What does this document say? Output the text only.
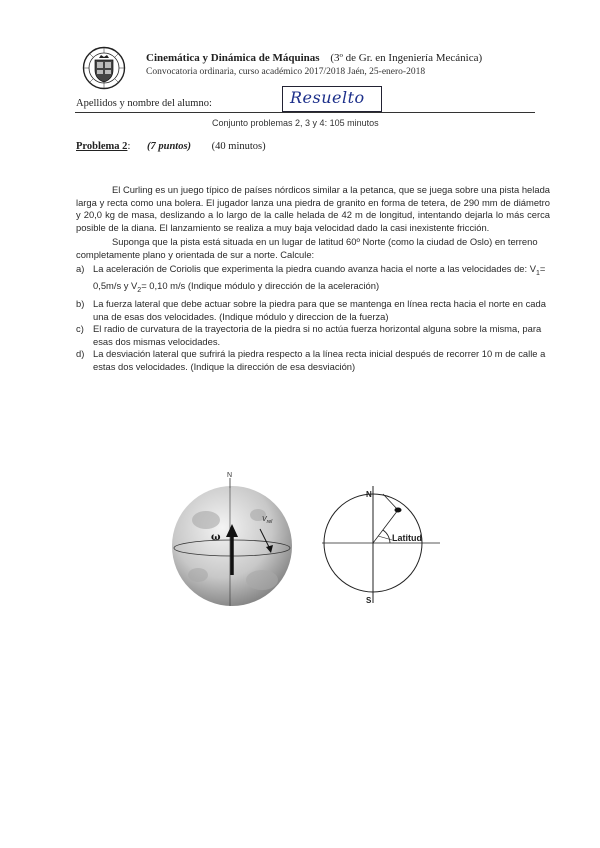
Cinemática y Dinámica de Máquinas (3º de Gr. en Ingeniería Mecánica)
Convocatoria ordinaria, curso académico 2017/2018 Jaén, 25-enero-2018
Apellidos y nombre del alumno:	Resuelto
Conjunto problemas 2, 3 y 4: 105 minutos
Problema 2: (7 puntos) (40 minutos)
El Curling es un juego típico de países nórdicos similar a la petanca, que se juega sobre una pista helada larga y recta como una bolera. El jugador lanza una piedra de granito en forma de tetera, de 290 mm de diámetro y 20,0 kg de masa, deslizando a lo largo de la calle helada de 42 m de longitud, intentando dejarla lo más cerca posible de la diana. El lanzamiento se realiza a muy baja velocidad dado la casi inexistente fricción.
Suponga que la pista está situada en un lugar de latitud 60º Norte (como la ciudad de Oslo) en terreno completamente plano y orientada de sur a norte. Calcule:
a) La aceleración de Coriolis que experimenta la piedra cuando avanza hacia el norte a las velocidades de: $V_1= 0,5m/s$ y $V_2= 0,10$ m/s (Indique módulo y dirección de la aceleración)
b) La fuerza lateral que debe actuar sobre la piedra para que se mantenga en línea recta hacia el norte en cada una de esas dos velocidades. (Indique módulo y direccion de la fuerza)
c) El radio de curvatura de la trayectoria de la piedra si no actúa fuerza horizontal alguna sobre la misma, para esas dos mismas velocidades.
d) La desviación lateral que sufrirá la piedra respecto a la línea recta inicial después de recorrer 10 m de calle a estas dos velocidades. (Indique la dirección de esa desviación)
N
ω
$V_{rel}$
N
S
Latitud
